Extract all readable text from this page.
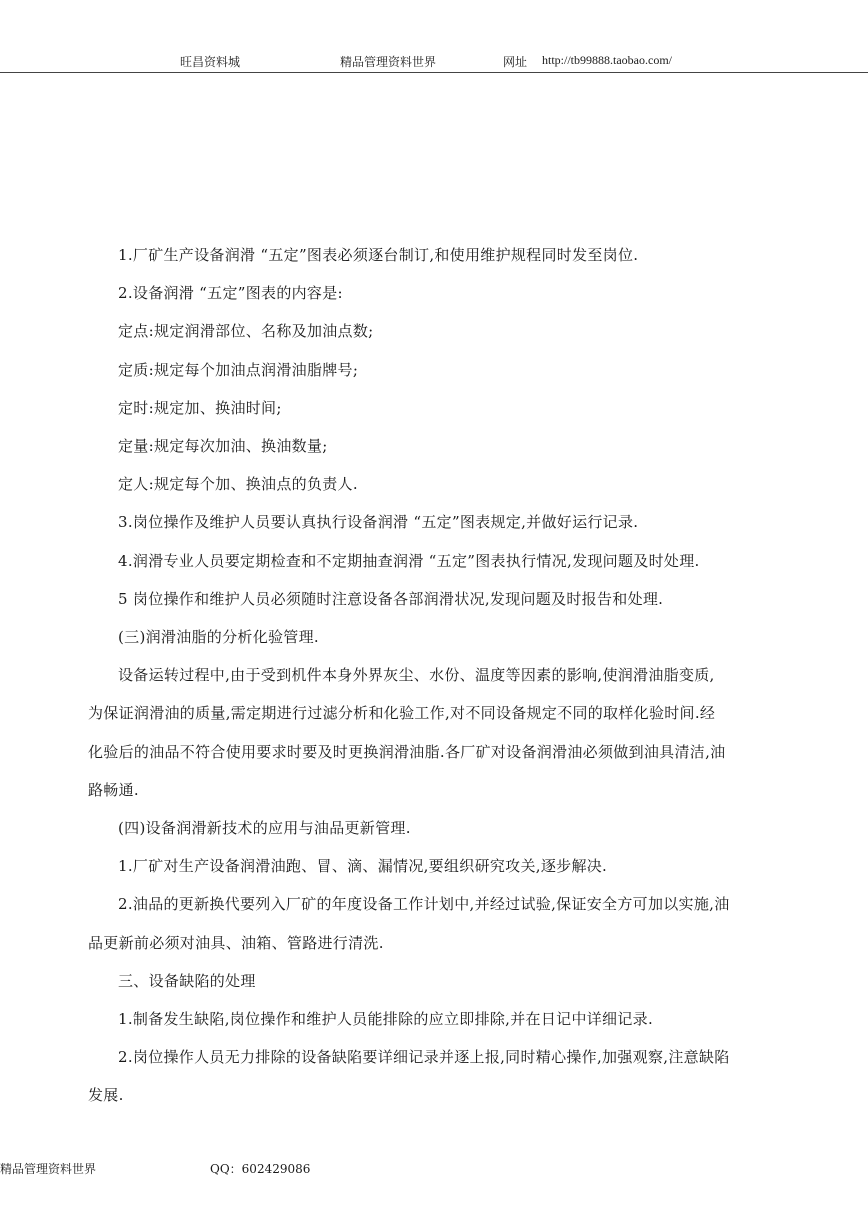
旺昌资料城	精品管理资料世界	网址 http://tb99888.taobao.com/

1.厂矿生产设备润滑 “五定”图表必须逐台制订,和使用维护规程同时发至岗位.

2.设备润滑 “五定”图表的内容是:

定点:规定润滑部位、名称及加油点数;

定质:规定每个加油点润滑油脂牌号;

定时:规定加、换油时间;

定量:规定每次加油、换油数量;

定人:规定每个加、换油点的负责人.

3.岗位操作及维护人员要认真执行设备润滑 “五定”图表规定,并做好运行记录.

4.润滑专业人员要定期检查和不定期抽查润滑 “五定”图表执行情况,发现问题及时处理.

5 岗位操作和维护人员必须随时注意设备各部润滑状况,发现问题及时报告和处理.

(三)润滑油脂的分析化验管理.

设备运转过程中,由于受到机件本身外界灰尘、水份、温度等因素的影响,使润滑油脂变质,

为保证润滑油的质量,需定期进行过滤分析和化验工作,对不同设备规定不同的取样化验时间.经

化验后的油品不符合使用要求时要及时更换润滑油脂.各厂矿对设备润滑油必须做到油具清洁,油

路畅通.

(四)设备润滑新技术的应用与油品更新管理.

1.厂矿对生产设备润滑油跑、冒、滴、漏情况,要组织研究攻关,逐步解决.

2.油品的更新换代要列入厂矿的年度设备工作计划中,并经过试验,保证安全方可加以实施,油

品更新前必须对油具、油箱、管路进行清洗.

三、设备缺陷的处理

1.制备发生缺陷,岗位操作和维护人员能排除的应立即排除,并在日记中详细记录.

2.岗位操作人员无力排除的设备缺陷要详细记录并逐上报,同时精心操作,加强观察,注意缺陷

发展.

精品管理资料世界	QQ：602429086
